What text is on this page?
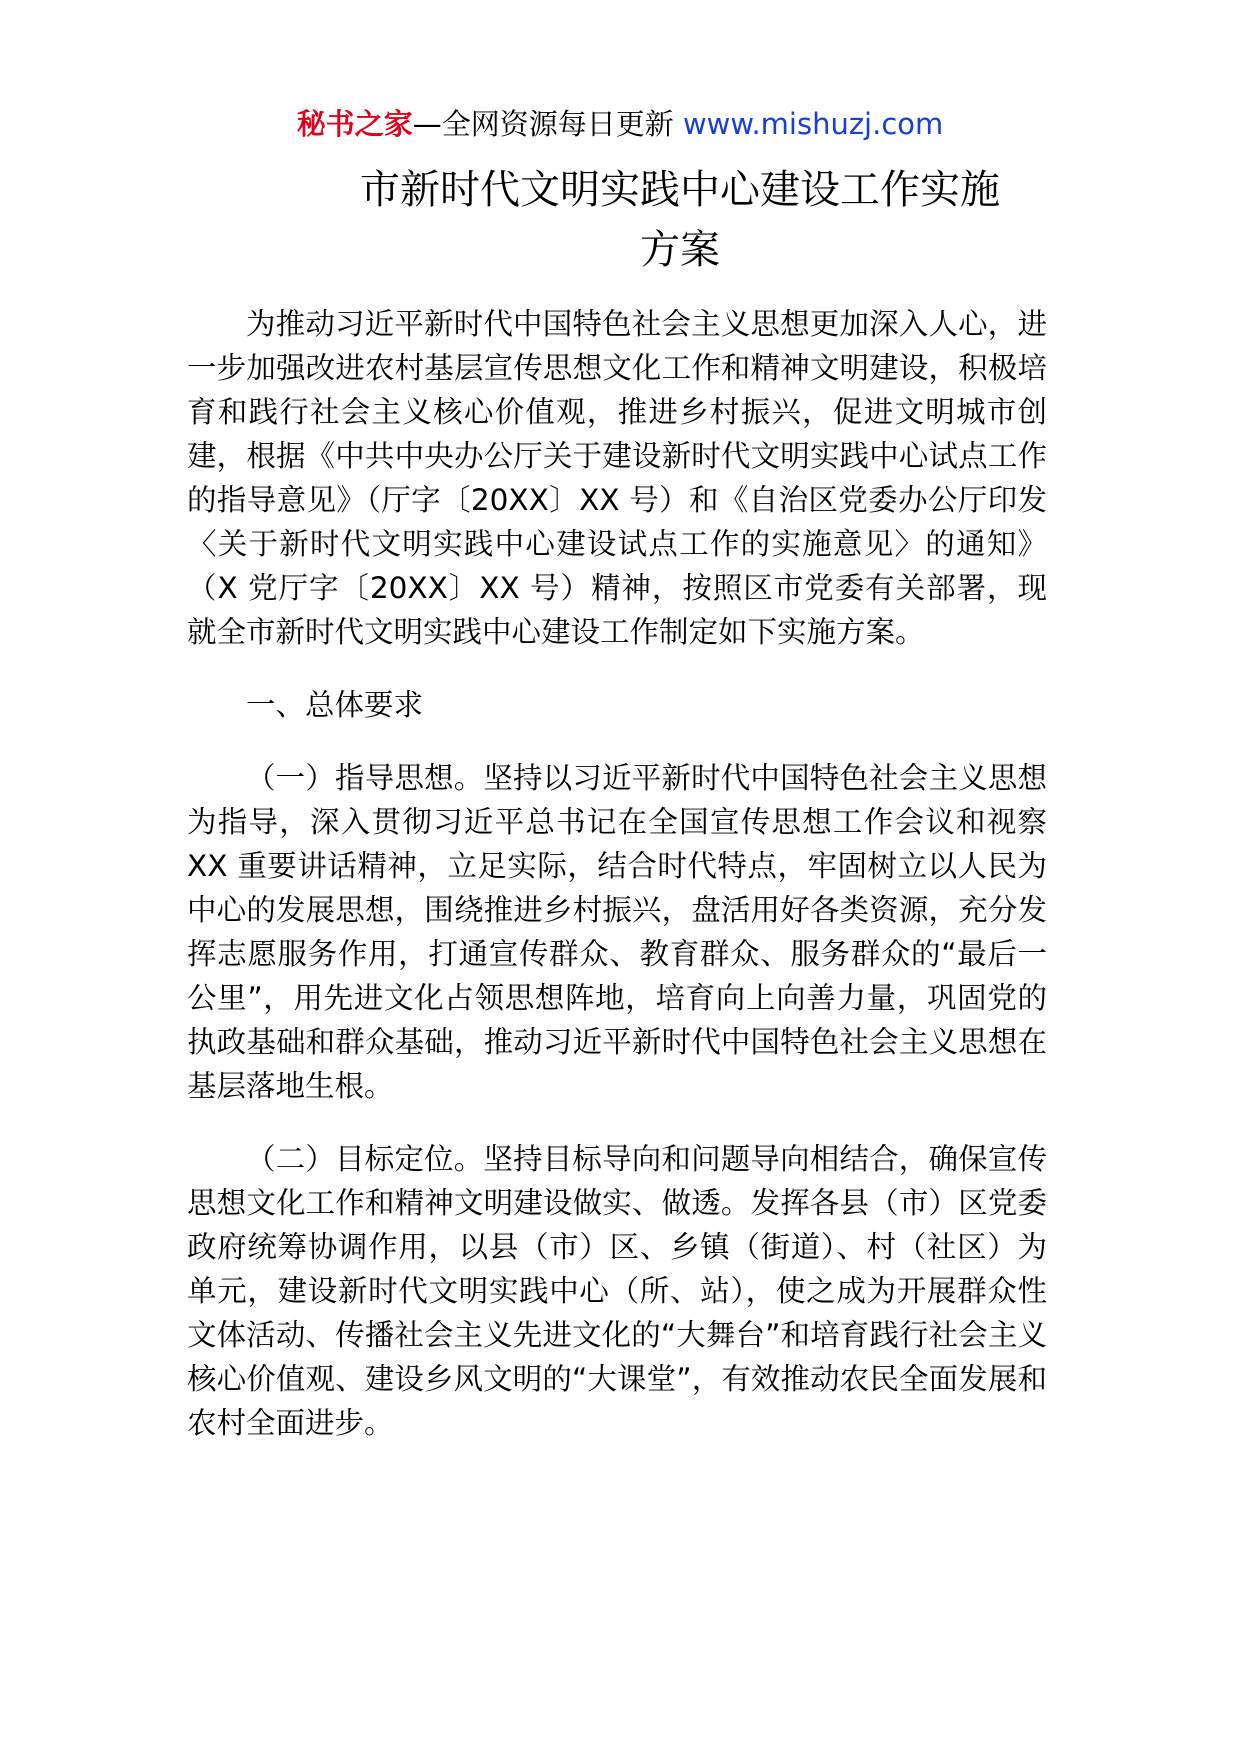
秘书之家—全网资源每日更新 www.mishuzj.com
市新时代文明实践中心建设工作实施
方案

为推动习近平新时代中国特色社会主义思想更加深入人心，进一步加强改进农村基层宣传思想文化工作和精神文明建设，积极培育和践行社会主义核心价值观，推进乡村振兴，促进文明城市创建，根据《中共中央办公厅关于建设新时代文明实践中心试点工作的指导意见》（厅字〔20XX〕XX 号）和《自治区党委办公厅印发〈关于新时代文明实践中心建设试点工作的实施意见〉的通知》（X 党厅字〔20XX〕XX 号）精神，按照区市党委有关部署，现就全市新时代文明实践中心建设工作制定如下实施方案。

一、总体要求

（一）指导思想。坚持以习近平新时代中国特色社会主义思想为指导，深入贯彻习近平总书记在全国宣传思想工作会议和视察 XX 重要讲话精神，立足实际，结合时代特点，牢固树立以人民为中心的发展思想，围绕推进乡村振兴，盘活用好各类资源，充分发挥志愿服务作用，打通宣传群众、教育群众、服务群众的“最后一公里”，用先进文化占领思想阵地，培育向上向善力量，巩固党的执政基础和群众基础，推动习近平新时代中国特色社会主义思想在基层落地生根。

（二）目标定位。坚持目标导向和问题导向相结合，确保宣传思想文化工作和精神文明建设做实、做透。发挥各县（市）区党委政府统筹协调作用，以县（市）区、乡镇（街道）、村（社区）为单元，建设新时代文明实践中心（所、站），使之成为开展群众性文体活动、传播社会主义先进文化的“大舞台”和培育践行社会主义核心价值观、建设乡风文明的“大课堂”，有效推动农民全面发展和农村全面进步。
